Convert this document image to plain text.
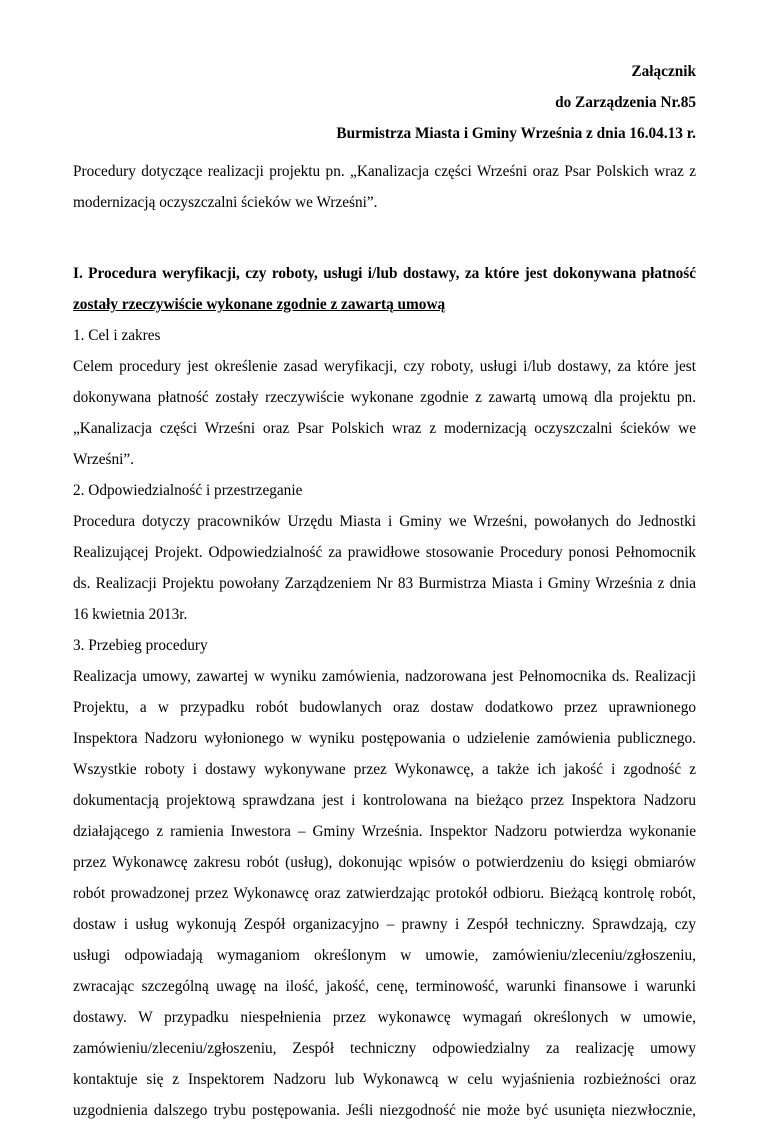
Załącznik
do Zarządzenia Nr.85
Burmistrza Miasta i Gminy Września z dnia 16.04.13 r.
Procedury dotyczące realizacji projektu pn. „Kanalizacja części Wrześni oraz Psar Polskich wraz z
modernizacją oczyszczalni ścieków we Wrześni”.
I. Procedura weryfikacji, czy roboty, usługi i/lub dostawy, za które jest dokonywana płatność
zostały rzeczywiście wykonane zgodnie z zawartą umową
1. Cel i zakres
Celem procedury jest określenie zasad weryfikacji, czy roboty, usługi i/lub dostawy, za które jest
dokonywana płatność zostały rzeczywiście wykonane zgodnie z zawartą umową dla projektu pn.
„Kanalizacja części Wrześni oraz Psar Polskich wraz z modernizacją oczyszczalni ścieków we
Wrześni”.
2. Odpowiedzialność i przestrzeganie
Procedura dotyczy pracowników Urzędu Miasta i Gminy we Wrześni, powołanych do Jednostki
Realizującej Projekt. Odpowiedzialność za prawidłowe stosowanie Procedury ponosi Pełnomocnik
ds. Realizacji Projektu powołany Zarządzeniem Nr 83 Burmistrza Miasta i Gminy Września z dnia
16 kwietnia 2013r.
3. Przebieg procedury
Realizacja umowy, zawartej w wyniku zamówienia, nadzorowana jest Pełnomocnika ds. Realizacji
Projektu, a w przypadku robót budowlanych oraz dostaw dodatkowo przez uprawnionego
Inspektora Nadzoru wyłonionego w wyniku postępowania o udzielenie zamówienia publicznego.
Wszystkie roboty i dostawy wykonywane przez Wykonawcę, a także ich jakość i zgodność z
dokumentacją projektową sprawdzana jest i kontrolowana na bieżąco przez Inspektora Nadzoru
działającego z ramienia Inwestora – Gminy Września. Inspektor Nadzoru potwierdza wykonanie
przez Wykonawcę zakresu robót (usług), dokonując wpisów o potwierdzeniu do księgi obmiarów
robót prowadzonej przez Wykonawcę oraz zatwierdzając protokół odbioru. Bieżącą kontrolę robót,
dostaw i usług wykonują Zespół organizacyjno – prawny i Zespół techniczny. Sprawdzają, czy
usługi odpowiadają wymaganiom określonym w umowie, zamówieniu/zleceniu/zgłoszeniu,
zwracając szczególną uwagę na ilość, jakość, cenę, terminowość, warunki finansowe i warunki
dostawy. W przypadku niespełnienia przez wykonawcę wymagań określonych w umowie,
zamówieniu/zleceniu/zgłoszeniu, Zespół techniczny odpowiedzialny za realizację umowy
kontaktuje się z Inspektorem Nadzoru lub Wykonawcą w celu wyjaśnienia rozbieżności oraz
uzgodnienia dalszego trybu postępowania. Jeśli niezgodność nie może być usunięta niezwłocznie,
